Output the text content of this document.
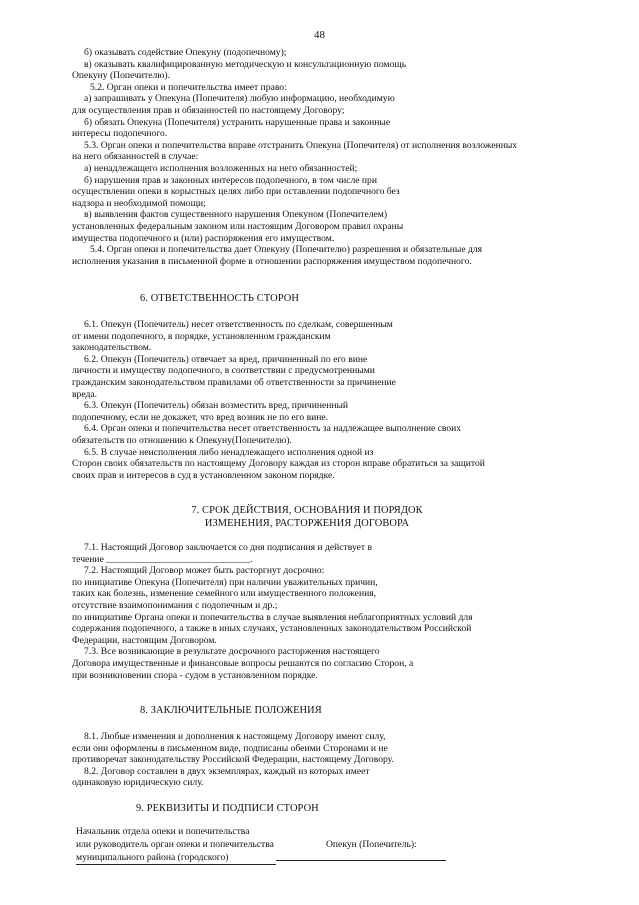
48
б) оказывать содействие Опекуну (подопечному);
в) оказывать квалифицированную методическую и консультационную помощь
Опекуну (Попечителю).
5.2. Орган опеки и попечительства имеет право:
а) запрашивать у Опекуна (Попечителя) любую информацию, необходимую
для осуществления прав и обязанностей по настоящему Договору;
б) обязать Опекуна (Попечителя) устранить нарушенные права и законные
интересы подопечного.
5.3. Орган опеки и попечительства вправе отстранить Опекуна (Попечителя) от исполнения возложенных
на него обязанностей в случае:
а) ненадлежащего исполнения возложенных на него обязанностей;
б) нарушения прав и законных интересов подопечного, в том числе при
осуществлении опеки в корыстных целях либо при оставлении подопечного без
надзора и необходимой помощи;
в) выявления фактов существенного нарушения Опекуном (Попечителем)
установленных федеральным законом или настоящим Договором правил охраны
имущества подопечного и (или) распоряжения его имуществом.
5.4. Орган опеки и попечительства дает Опекуну (Попечителю) разрешения и обязательные для
исполнения указания в письменной форме в отношении распоряжения имуществом подопечного.
6. ОТВЕТСТВЕННОСТЬ СТОРОН
6.1. Опекун (Попечитель) несет ответственность по сделкам, совершенным
от имени подопечного, в порядке, установленном гражданским
законодательством.
6.2. Опекун (Попечитель) отвечает за вред, причиненный по его вине
личности и имуществу подопечного, в соответствии с предусмотренными
гражданским законодательством правилами об ответственности за причинение
вреда.
6.3. Опекун (Попечитель) обязан возместить вред, причиненный
подопечному, если не докажет, что вред возник не по его вине.
6.4. Орган опеки и попечительства несет ответственность за надлежащее выполнение своих
обязательств по отношению к Опекуну(Попечителю).
6.5. В случае неисполнения либо ненадлежащего исполнения одной из
Сторон своих обязательств по настоящему Договору каждая из сторон вправе обратиться за защитой
своих прав и интересов в суд в установленном законом порядке.
7. СРОК ДЕЙСТВИЯ, ОСНОВАНИЯ И ПОРЯДОК
ИЗМЕНЕНИЯ, РАСТОРЖЕНИЯ ДОГОВОРА
7.1. Настоящий Договор заключается со дня подписания и действует в
течение ______________________________.
7.2. Настоящий Договор может быть расторгнут досрочно:
по инициативе Опекуна (Попечителя) при наличии уважительных причин,
таких как болезнь, изменение семейного или имущественного положения,
отсутствие взаимопонимания с подопечным и др.;
по инициативе Органа опеки и попечительства в случае выявления неблагоприятных условий для
содержания подопечного, а также в иных случаях, установленных законодательством Российской
Федерации, настоящим Договором.
7.3. Все возникающие в результате досрочного расторжения настоящего
Договора имущественные и финансовые вопросы решаются по согласию Сторон, а
при возникновении спора - судом в установленном порядке.
8. ЗАКЛЮЧИТЕЛЬНЫЕ ПОЛОЖЕНИЯ
8.1. Любые изменения и дополнения к настоящему Договору имеют силу,
если они оформлены в письменном виде, подписаны обеими Сторонами и не
противоречат законодательству Российской Федерации, настоящему Договору.
8.2. Договор составлен в двух экземплярах, каждый из которых имеет
одинаковую юридическую силу.
9. РЕКВИЗИТЫ И ПОДПИСИ СТОРОН
Начальник отдела опеки и попечительства
или руководитель орган опеки и попечительства
муниципального района (городского)
Опекун (Попечитель):
